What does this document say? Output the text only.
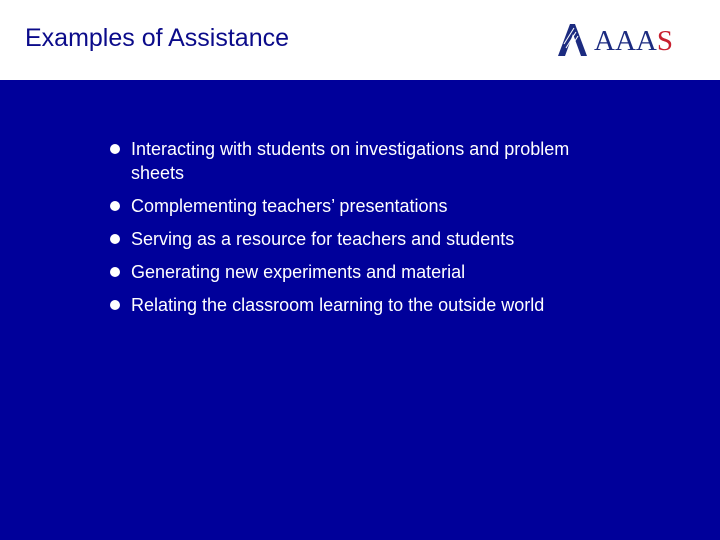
Examples of Assistance	AAAS
Interacting with students on investigations and problem sheets
Complementing teachers’ presentations
Serving as a resource for teachers and students
Generating new experiments and material
Relating the classroom learning to the outside world
